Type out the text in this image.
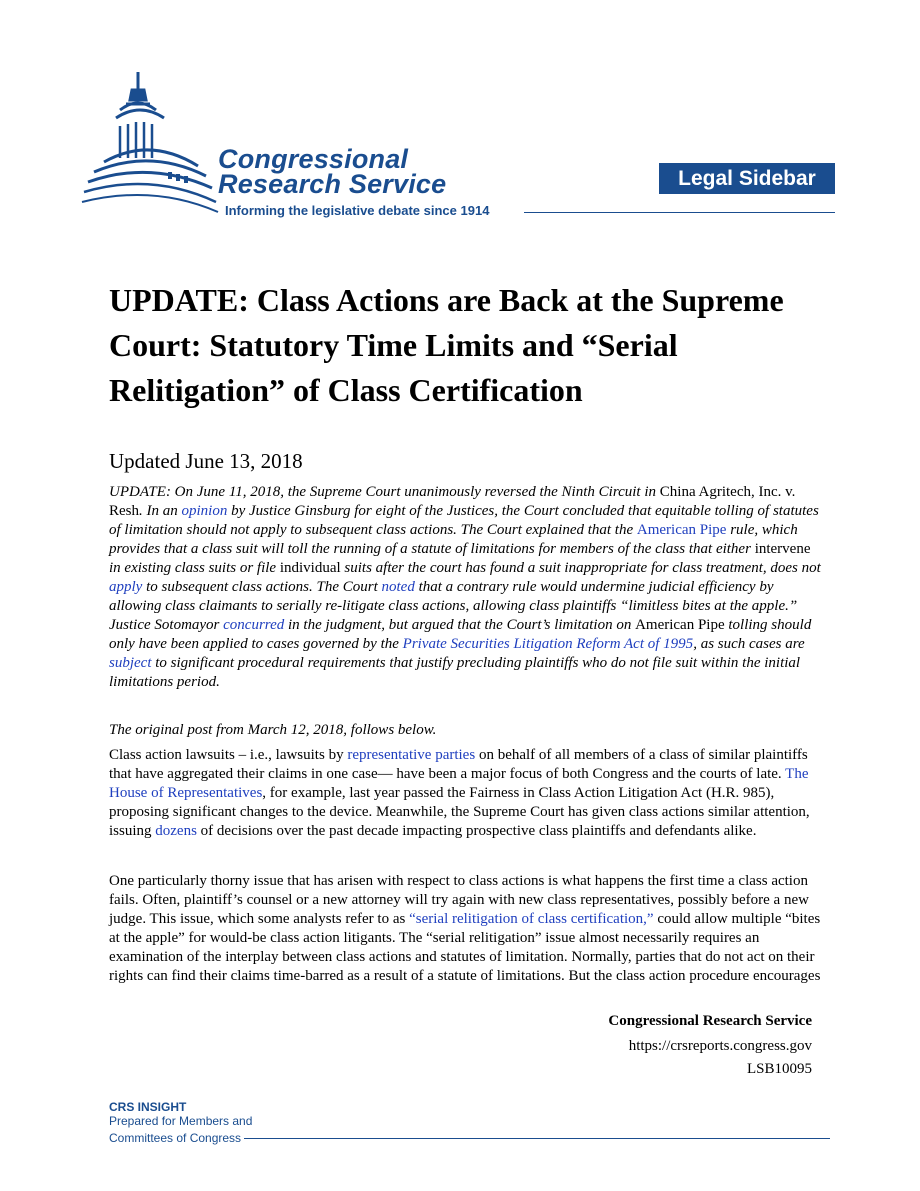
Congressional
Research Service
Informing the legislative debate since 1914
Legal Sidebar
UPDATE: Class Actions are Back at the Supreme Court: Statutory Time Limits and “Serial Relitigation” of Class Certification
Updated June 13, 2018

UPDATE: On June 11, 2018, the Supreme Court unanimously reversed the Ninth Circuit in China Agritech, Inc. v. Resh. In an opinion by Justice Ginsburg for eight of the Justices, the Court concluded that equitable tolling of statutes of limitation should not apply to subsequent class actions. The Court explained that the American Pipe rule, which provides that a class suit will toll the running of a statute of limitations for members of the class that either intervene in existing class suits or file individual suits after the court has found a suit inappropriate for class treatment, does not apply to subsequent class actions. The Court noted that a contrary rule would undermine judicial efficiency by allowing class claimants to serially re-litigate class actions, allowing class plaintiffs “limitless bites at the apple.” Justice Sotomayor concurred in the judgment, but argued that the Court’s limitation on American Pipe tolling should only have been applied to cases governed by the Private Securities Litigation Reform Act of 1995, as such cases are subject to significant procedural requirements that justify precluding plaintiffs who do not file suit within the initial limitations period.

The original post from March 12, 2018, follows below.

Class action lawsuits – i.e., lawsuits by representative parties on behalf of all members of a class of similar plaintiffs that have aggregated their claims in one case— have been a major focus of both Congress and the courts of late. The House of Representatives, for example, last year passed the Fairness in Class Action Litigation Act (H.R. 985), proposing significant changes to the device. Meanwhile, the Supreme Court has given class actions similar attention, issuing dozens of decisions over the past decade impacting prospective class plaintiffs and defendants alike.

One particularly thorny issue that has arisen with respect to class actions is what happens the first time a class action fails. Often, plaintiff’s counsel or a new attorney will try again with new class representatives, possibly before a new judge. This issue, which some analysts refer to as “serial relitigation of class certification,” could allow multiple “bites at the apple” for would-be class action litigants. The “serial relitigation” issue almost necessarily requires an examination of the interplay between class actions and statutes of limitation. Normally, parties that do not act on their rights can find their claims time-barred as a result of a statute of limitations. But the class action procedure encourages

Congressional Research Service
https://crsreports.congress.gov
LSB10095
CRS INSIGHT
Prepared for Members and
Committees of Congress
